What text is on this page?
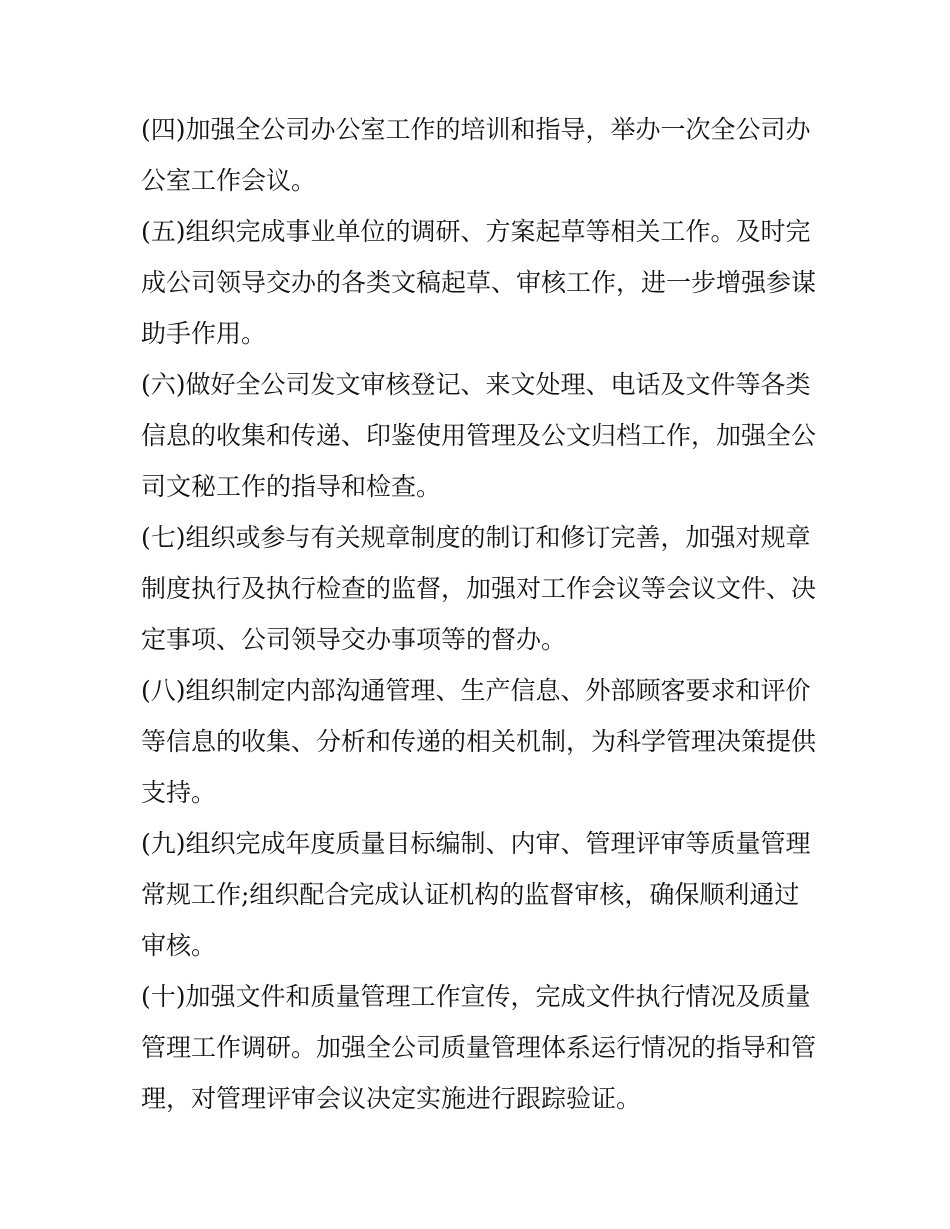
(四)加强全公司办公室工作的培训和指导，举办一次全公司办
公室工作会议。
(五)组织完成事业单位的调研、方案起草等相关工作。及时完
成公司领导交办的各类文稿起草、审核工作，进一步增强参谋
助手作用。
(六)做好全公司发文审核登记、来文处理、电话及文件等各类
信息的收集和传递、印鉴使用管理及公文归档工作，加强全公
司文秘工作的指导和检查。
(七)组织或参与有关规章制度的制订和修订完善，加强对规章
制度执行及执行检查的监督，加强对工作会议等会议文件、决
定事项、公司领导交办事项等的督办。
(八)组织制定内部沟通管理、生产信息、外部顾客要求和评价
等信息的收集、分析和传递的相关机制，为科学管理决策提供
支持。
(九)组织完成年度质量目标编制、内审、管理评审等质量管理
常规工作;组织配合完成认证机构的监督审核，确保顺利通过
审核。
(十)加强文件和质量管理工作宣传，完成文件执行情况及质量
管理工作调研。加强全公司质量管理体系运行情况的指导和管
理，对管理评审会议决定实施进行跟踪验证。
